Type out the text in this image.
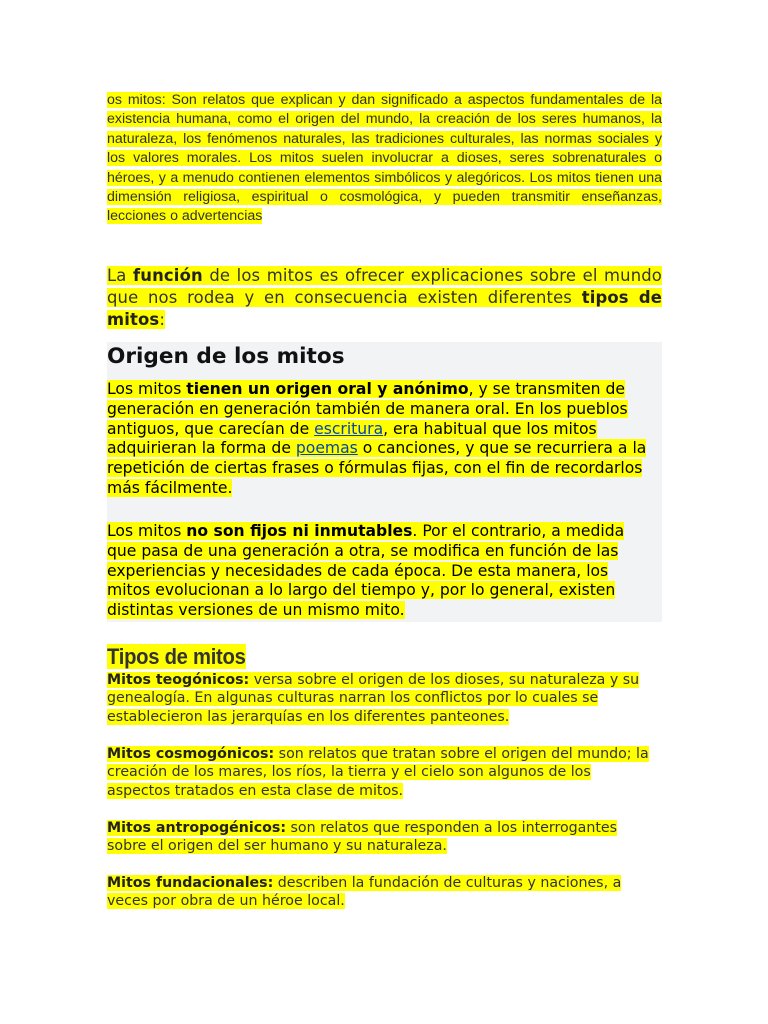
os mitos: Son relatos que explican y dan significado a aspectos fundamentales de la existencia humana, como el origen del mundo, la creación de los seres humanos, la naturaleza, los fenómenos naturales, las tradiciones culturales, las normas sociales y los valores morales. Los mitos suelen involucrar a dioses, seres sobrenaturales o héroes, y a menudo contienen elementos simbólicos y alegóricos. Los mitos tienen una dimensión religiosa, espiritual o cosmológica, y pueden transmitir enseñanzas, lecciones o advertencias

La función de los mitos es ofrecer explicaciones sobre el mundo que nos rodea y en consecuencia existen diferentes tipos de mitos:

Origen de los mitos

Los mitos tienen un origen oral y anónimo, y se transmiten de generación en generación también de manera oral. En los pueblos antiguos, que carecían de escritura, era habitual que los mitos adquirieran la forma de poemas o canciones, y que se recurriera a la repetición de ciertas frases o fórmulas fijas, con el fin de recordarlos más fácilmente.

Los mitos no son fijos ni inmutables. Por el contrario, a medida que pasa de una generación a otra, se modifica en función de las experiencias y necesidades de cada época. De esta manera, los mitos evolucionan a lo largo del tiempo y, por lo general, existen distintas versiones de un mismo mito.

Tipos de mitos

Mitos teogónicos: versa sobre el origen de los dioses, su naturaleza y su genealogía. En algunas culturas narran los conflictos por lo cuales se establecieron las jerarquías en los diferentes panteones.

Mitos cosmogónicos: son relatos que tratan sobre el origen del mundo; la creación de los mares, los ríos, la tierra y el cielo son algunos de los aspectos tratados en esta clase de mitos.

Mitos antropogénicos: son relatos que responden a los interrogantes sobre el origen del ser humano y su naturaleza.

Mitos fundacionales: describen la fundación de culturas y naciones, a veces por obra de un héroe local.
